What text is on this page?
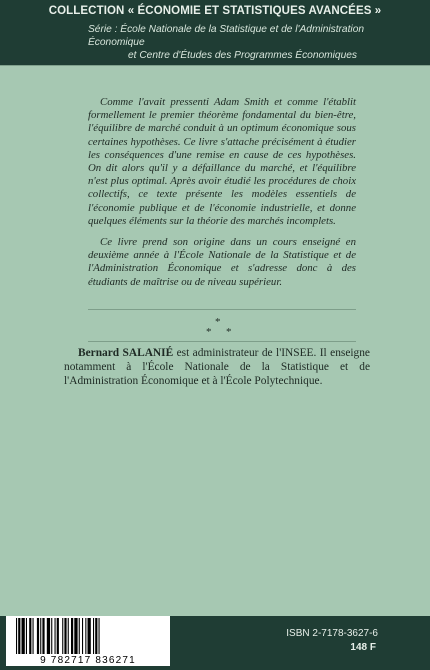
COLLECTION « ÉCONOMIE ET STATISTIQUES AVANCÉES »
Série : École Nationale de la Statistique et de l'Administration Économique
et Centre d'Études des Programmes Économiques

Comme l'avait pressenti Adam Smith et comme l'établit formellement le premier théorème fondamental du bien-être, l'équilibre de marché conduit à un optimum économique sous certaines hypothèses. Ce livre s'attache précisément à étudier les conséquences d'une remise en cause de ces hypothèses. On dit alors qu'il y a défaillance du marché, et l'équilibre n'est plus optimal. Après avoir étudié les procédures de choix collectifs, ce texte présente les modèles essentiels de l'économie publique et de l'économie industrielle, et donne quelques éléments sur la théorie des marchés incomplets.

Ce livre prend son origine dans un cours enseigné en deuxième année à l'École Nationale de la Statistique et de l'Administration Économique et s'adresse donc à des étudiants de maîtrise ou de niveau supérieur.

*
* *

Bernard SALANIÉ est administrateur de l'INSEE. Il enseigne notamment à l'École Nationale de la Statistique et de l'Administration Économique et à l'École Polytechnique.

9 782717 836271
ISBN 2-7178-3627-6
148 F
